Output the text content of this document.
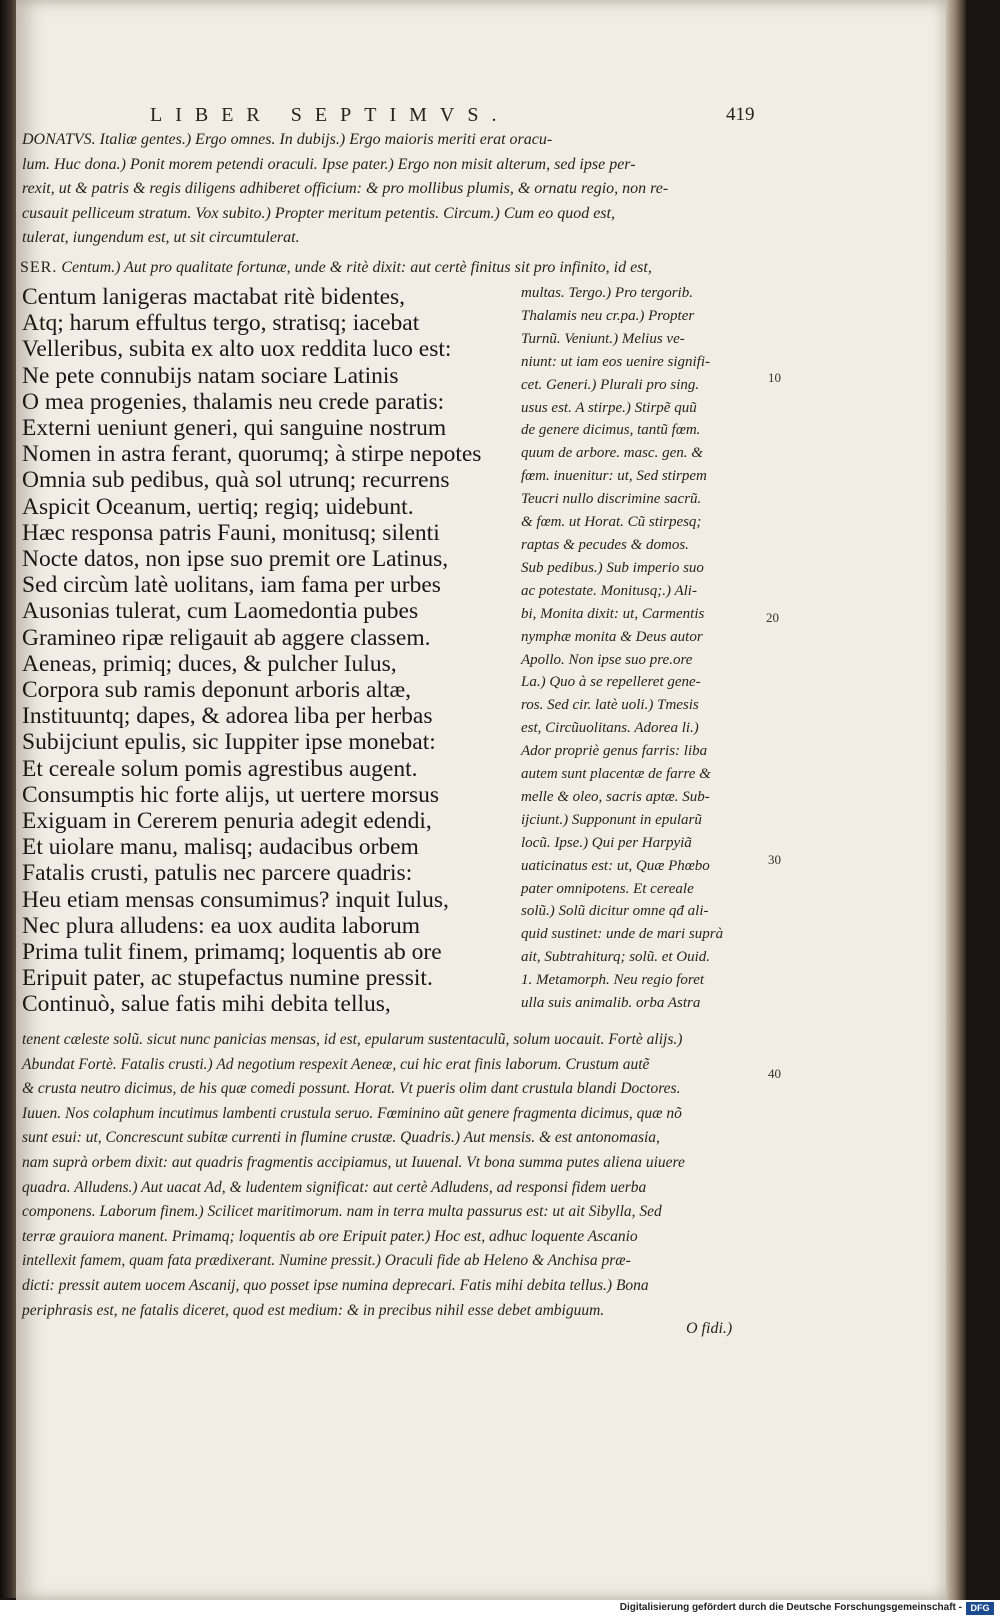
LIBER SEPTIMVS.	419
DONATVS. Italiæ gentes.) Ergo omnes. In dubijs.) Ergo maioris meriti erat oracu-
lum. Huc dona.) Ponit morem petendi oraculi. Ipse pater.) Ergo non misit alterum, sed ipse per-
rexit, ut & patris & regis diligens adhiberet officium: & pro mollibus plumis, & ornatu regio, non re-
cusauit pelliceum stratum. Vox subito.) Propter meritum petentis. Circum.) Cum eo quod est,
tulerat, iungendum est, ut sit circumtulerat.
SER. Centum.) Aut pro qualitate fortunæ, unde & ritè dixit: aut certè finitus sit pro infinito, id est,
Centum lanigeras mactabat ritè bidentes,
Atq; harum effultus tergo, stratisq; iacebat
Velleribus, subita ex alto uox reddita luco est:
Ne pete connubijs natam sociare Latinis
O mea progenies, thalamis neu crede paratis:
Externi ueniunt generi, qui sanguine nostrum
Nomen in astra ferant, quorumq; à stirpe nepotes
Omnia sub pedibus, quà sol utrunq; recurrens
Aspicit Oceanum, uertiq; regiq; uidebunt.
Hæc responsa patris Fauni, monitusq; silenti
Nocte datos, non ipse suo premit ore Latinus,
Sed circùm latè uolitans, iam fama per urbes
Ausonias tulerat, cum Laomedontia pubes
Gramineo ripæ religauit ab aggere classem.
Aeneas, primiq; duces, & pulcher Iulus,
Corpora sub ramis deponunt arboris altæ,
Instituuntq; dapes, & adorea liba per herbas
Subijciunt epulis, sic Iuppiter ipse monebat:
Et cereale solum pomis agrestibus augent.
Consumptis hic forte alijs, ut uertere morsus
Exiguam in Cererem penuria adegit edendi,
Et uiolare manu, malisq; audacibus orbem
Fatalis crusti, patulis nec parcere quadris:
Heu etiam mensas consumimus? inquit Iulus,
Nec plura alludens: ea uox audita laborum
Prima tulit finem, primamq; loquentis ab ore
Eripuit pater, ac stupefactus numine pressit.
Continuò, salue fatis mihi debita tellus,
multas. Tergo.) Pro tergorib.
Thalamis neu cr.pa.) Propter
Turnũ. Veniunt.) Melius ve-
niunt: ut iam eos uenire signifi-
cet. Generi.) Plurali pro sing.
usus est. A stirpe.) Stirpẽ quũ
de genere dicimus, tantũ fœm.
quum de arbore. masc. gen. &
fœm. inuenitur: ut, Sed stirpem
Teucri nullo discrimine sacrũ.
& fœm. ut Horat. Cũ stirpesq;
raptas & pecudes & domos.
Sub pedibus.) Sub imperio suo
ac potestate. Monitusq;.) Ali-
bi, Monita dixit: ut, Carmentis
nymphæ monita & Deus autor
Apollo. Non ipse suo pre.ore
La.) Quo à se repelleret gene-
ros. Sed cir. latè uoli.) Tmesis
est, Circũuolitans. Adorea li.)
Ador propriè genus farris: liba
autem sunt placentæ de farre &
melle & oleo, sacris aptæ. Sub-
ijciunt.) Supponunt in epularũ
locũ. Ipse.) Qui per Harpyiã
uaticinatus est: ut, Quæ Phœbo
pater omnipotens. Et cereale
solũ.) Solũ dicitur omne qđ ali-
quid sustinet: unde de mari suprà
ait, Subtrahiturq; solũ. et Ouid.
1. Metamorph. Neu regio foret
ulla suis animalib. orba Astra
10
20
30
40
tenent cæleste solũ. sicut nunc panicias mensas, id est, epularum sustentaculũ, solum uocauit. Fortè alijs.)
Abundat Fortè. Fatalis crusti.) Ad negotium respexit Aeneæ, cui hic erat finis laborum. Crustum autẽ
& crusta neutro dicimus, de his quæ comedi possunt. Horat. Vt pueris olim dant crustula blandi Doctores.
Iuuen. Nos colaphum incutimus lambenti crustula seruo. Fœminino aũt genere fragmenta dicimus, quæ nõ
sunt esui: ut, Concrescunt subitæ currenti in flumine crustæ. Quadris.) Aut mensis. & est antonomasia,
nam suprà orbem dixit: aut quadris fragmentis accipiamus, ut Iuuenal. Vt bona summa putes aliena uiuere
quadra. Alludens.) Aut uacat Ad, & ludentem significat: aut certè Adludens, ad responsi fidem uerba
componens. Laborum finem.) Scilicet maritimorum. nam in terra multa passurus est: ut ait Sibylla, Sed
terræ grauiora manent. Primamq; loquentis ab ore Eripuit pater.) Hoc est, adhuc loquente Ascanio
intellexit famem, quam fata prædixerant. Numine pressit.) Oraculi fide ab Heleno & Anchisa præ-
dicti: pressit autem uocem Ascanij, quo posset ipse numina deprecari. Fatis mihi debita tellus.) Bona
periphrasis est, ne fatalis diceret, quod est medium: & in precibus nihil esse debet ambiguum.
O fidi.)
Digitalisierung gefördert durch die Deutsche Forschungsgemeinschaft - DFG
